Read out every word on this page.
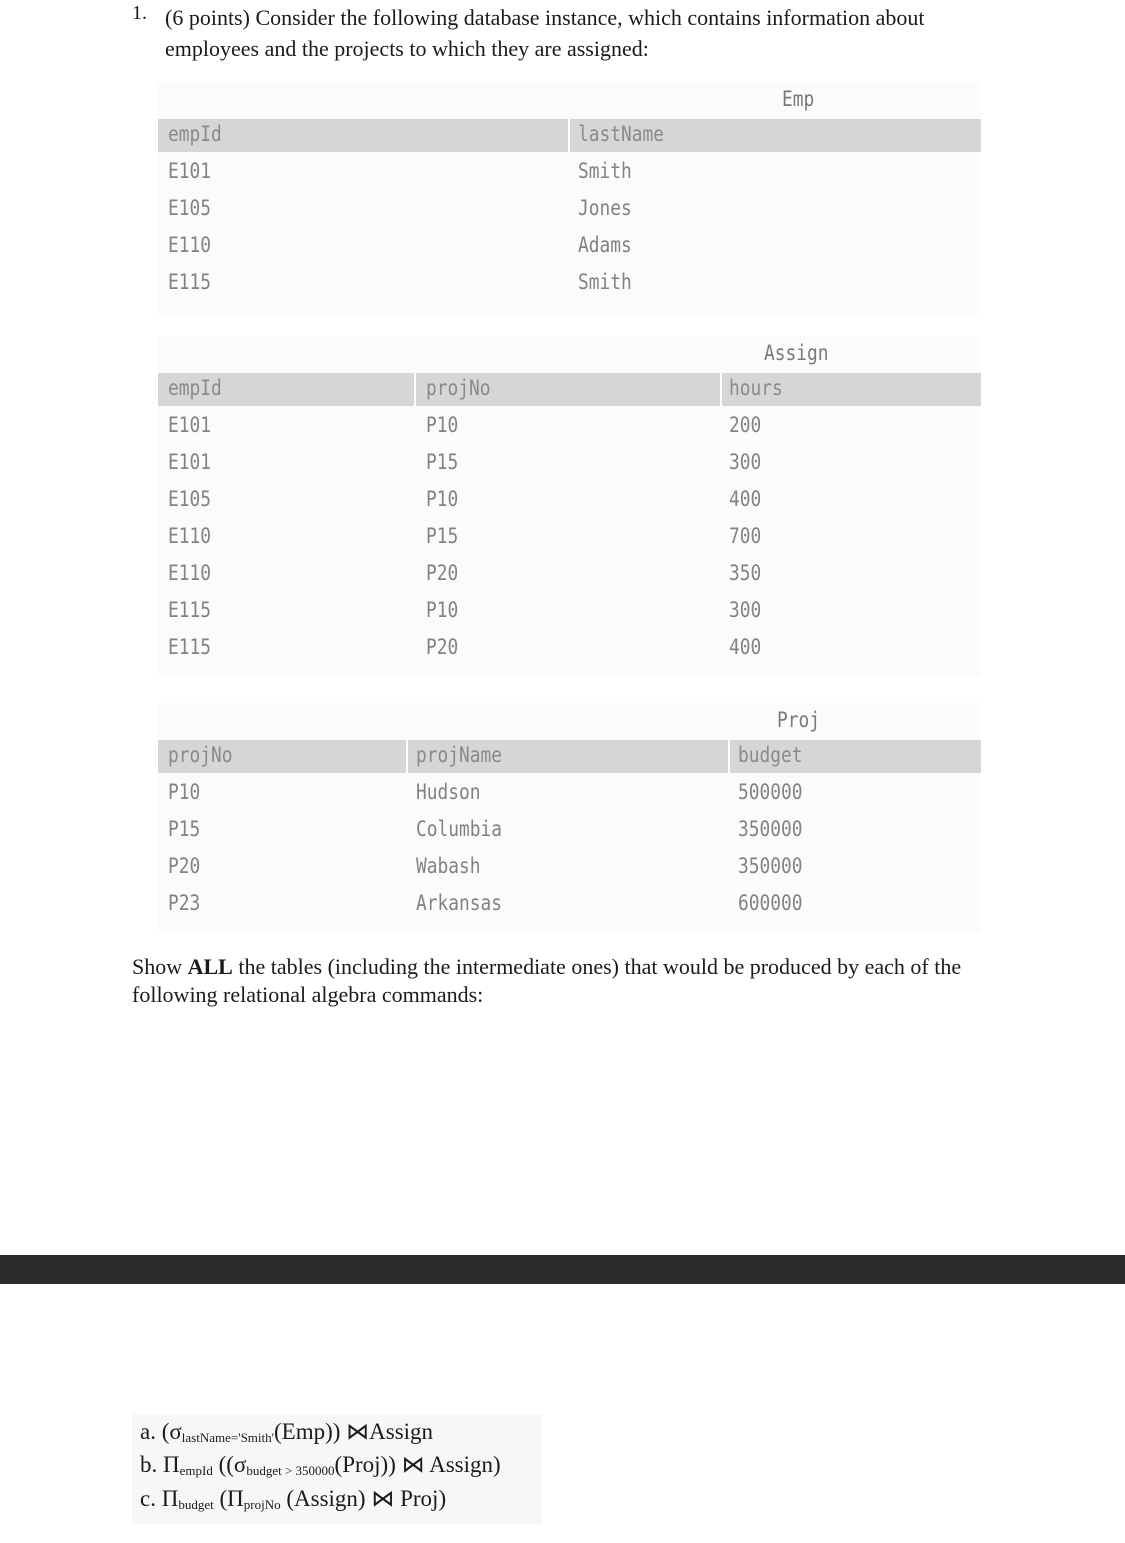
1. (6 points) Consider the following database instance, which contains information about employees and the projects to which they are assigned:
Emp
empId	lastName
E101	Smith
E105	Jones
E110	Adams
E115	Smith
Assign
empId	projNo	hours
E101	P10	200
E101	P15	300
E105	P10	400
E110	P15	700
E110	P20	350
E115	P10	300
E115	P20	400
Proj
projNo	projName	budget
P10	Hudson	500000
P15	Columbia	350000
P20	Wabash	350000
P23	Arkansas	600000
Show ALL the tables (including the intermediate ones) that would be produced by each of the following relational algebra commands:
a. $(\sigma_{lastName='Smith'}(Emp))$ ⋈Assign
b. $\Pi_{empId}$ ($(\sigma_{budget > 350000}(Proj))$ ⋈ Assign)
c. $\Pi_{budget}$ ($\Pi_{projNo}$ (Assign) ⋈ Proj)
